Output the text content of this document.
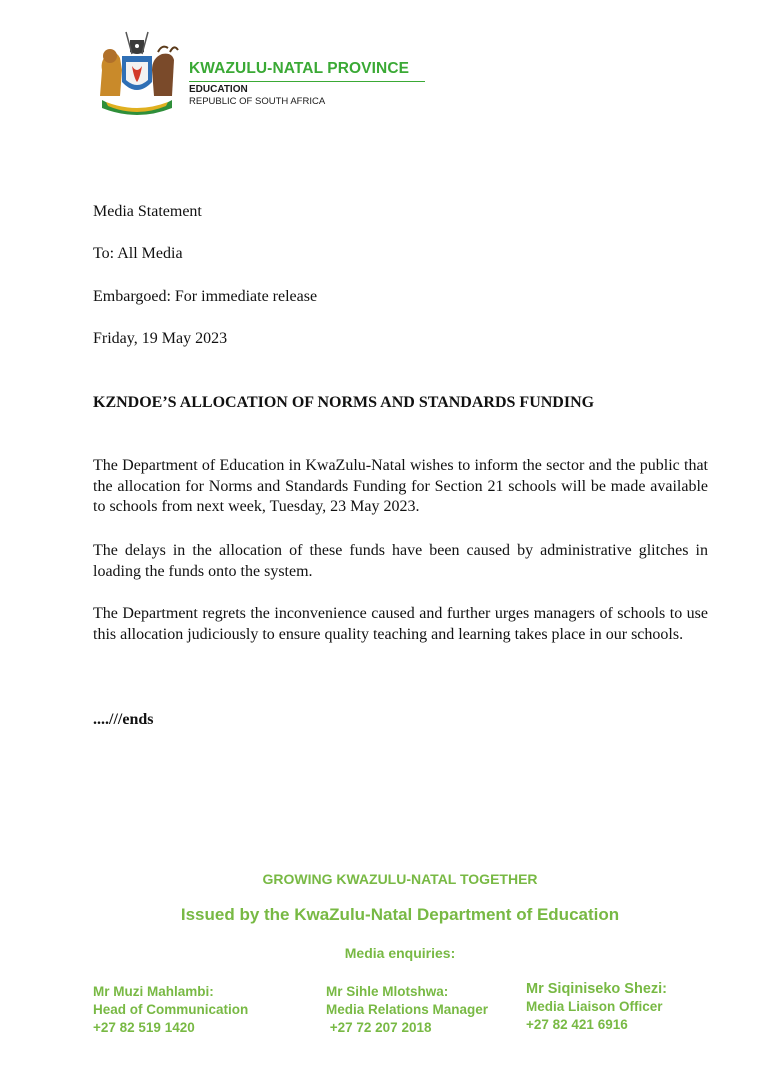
KWAZULU-NATAL PROVINCE
EDUCATION
REPUBLIC OF SOUTH AFRICA
Media Statement
To: All Media
Embargoed: For immediate release
Friday, 19 May 2023
KZNDOE’S ALLOCATION OF NORMS AND STANDARDS FUNDING
The Department of Education in KwaZulu-Natal wishes to inform the sector and the public that the allocation for Norms and Standards Funding for Section 21 schools will be made available to schools from next week, Tuesday, 23 May 2023.
The delays in the allocation of these funds have been caused by administrative glitches in loading the funds onto the system.
The Department regrets the inconvenience caused and further urges managers of schools to use this allocation judiciously to ensure quality teaching and learning takes place in our schools.
....///ends
GROWING KWAZULU-NATAL TOGETHER
Issued by the KwaZulu-Natal Department of Education
Media enquiries:
Mr Muzi Mahlambi:
Head of Communication
+27 82 519 1420
Mr Sihle Mlotshwa:
Media Relations Manager
+27 72 207 2018
Mr Siqiniseko Shezi:
Media Liaison Officer
+27 82 421 6916
